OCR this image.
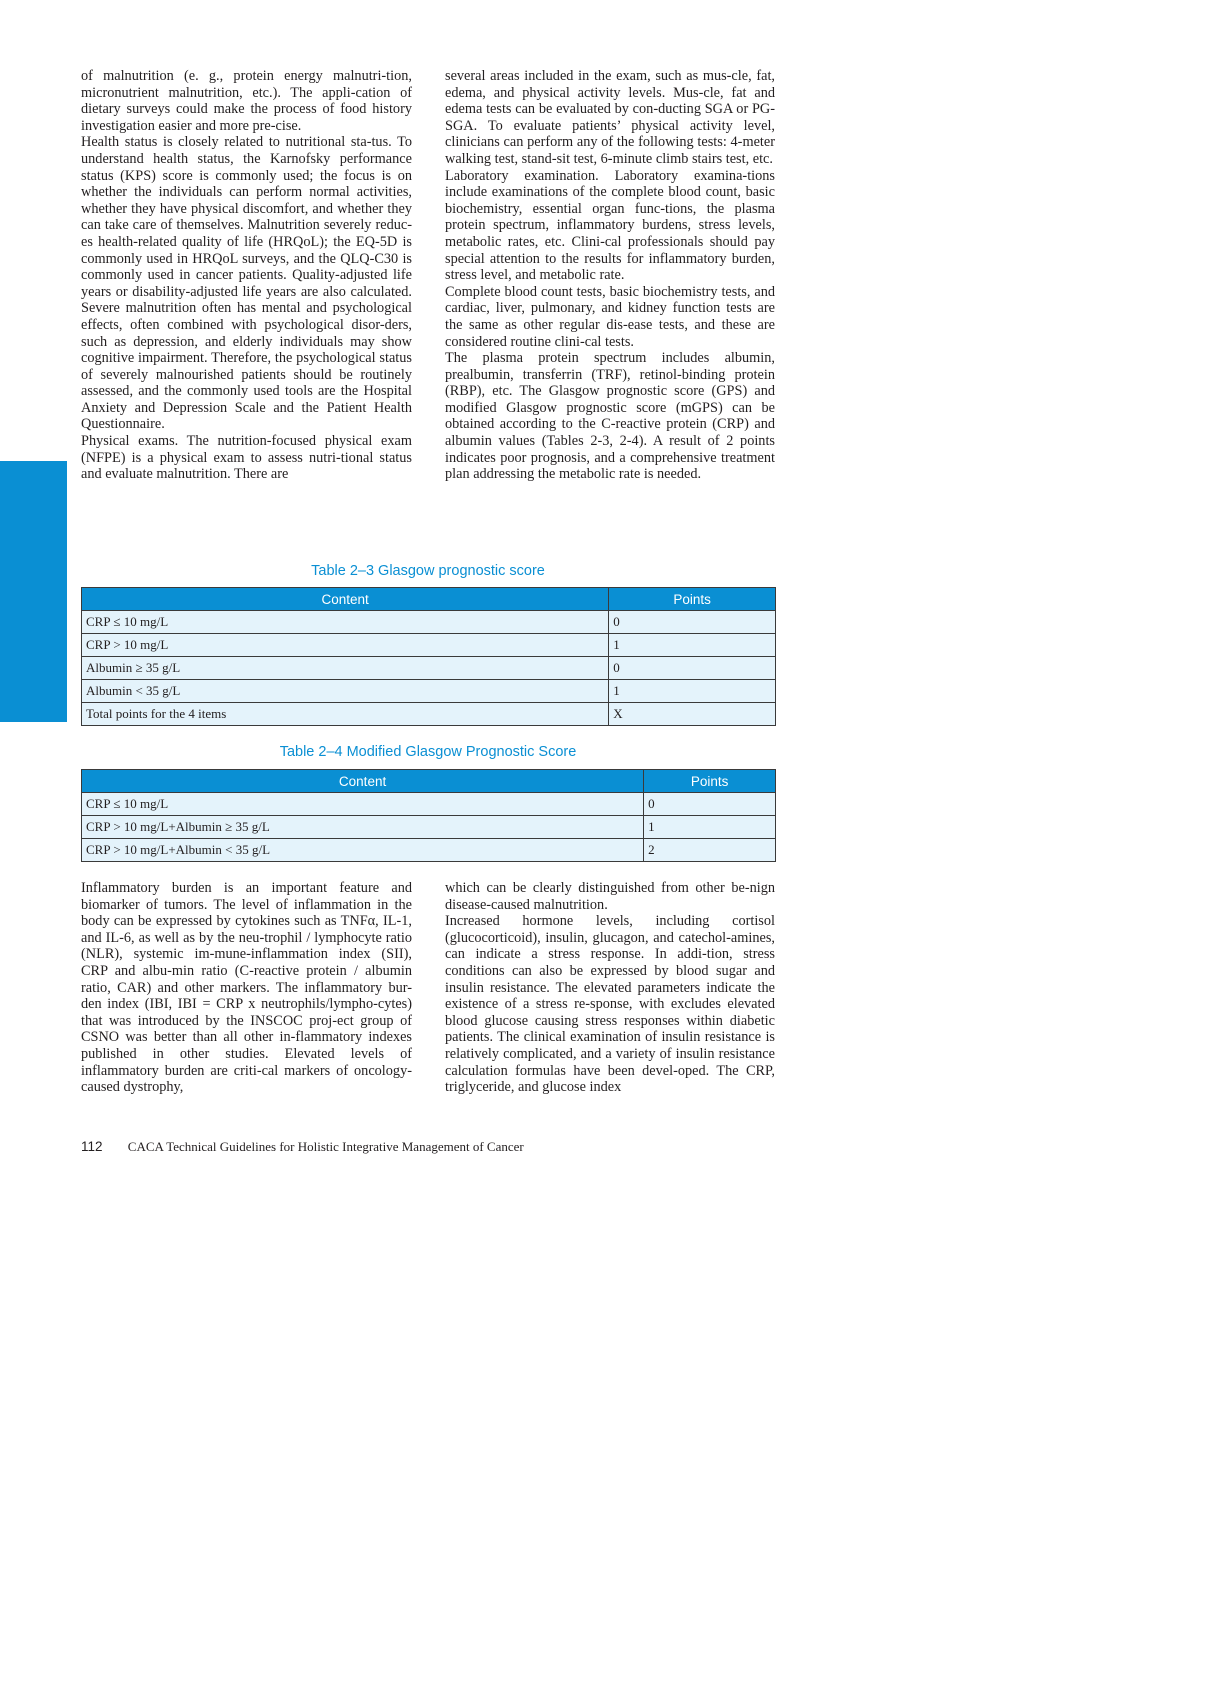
Cancer Nutrition Therapy	of malnutrition (e. g., protein energy malnutri-tion, micronutrient malnutrition, etc.). The appli-cation of dietary surveys could make the process of food history investigation easier and more pre-cise.

Health status is closely related to nutritional sta-tus. To understand health status, the Karnofsky performance status (KPS) score is commonly used; the focus is on whether the individuals can perform normal activities, whether they have physical discomfort, and whether they can take care of themselves. Malnutrition severely reduc-es health-related quality of life (HRQoL); the EQ-5D is commonly used in HRQoL surveys, and the QLQ-C30 is commonly used in cancer patients. Quality-adjusted life years or disability-adjusted life years are also calculated. Severe malnutrition often has mental and psychological effects, often combined with psychological disor-ders, such as depression, and elderly individuals may show cognitive impairment. Therefore, the psychological status of severely malnourished patients should be routinely assessed, and the commonly used tools are the Hospital Anxiety and Depression Scale and the Patient Health Questionnaire.

Physical exams. The nutrition-focused physical exam (NFPE) is a physical exam to assess nutri-tional status and evaluate malnutrition. There are

several areas included in the exam, such as mus-cle, fat, edema, and physical activity levels. Mus-cle, fat and edema tests can be evaluated by con-ducting SGA or PG-SGA. To evaluate patients’ physical activity level, clinicians can perform any of the following tests: 4-meter walking test, stand-sit test, 6-minute climb stairs test, etc.

Laboratory examination. Laboratory examina-tions include examinations of the complete blood count, basic biochemistry, essential organ func-tions, the plasma protein spectrum, inflammatory burdens, stress levels, metabolic rates, etc. Clini-cal professionals should pay special attention to the results for inflammatory burden, stress level, and metabolic rate.

Complete blood count tests, basic biochemistry tests, and cardiac, liver, pulmonary, and kidney function tests are the same as other regular dis-ease tests, and these are considered routine clini-cal tests.

The plasma protein spectrum includes albumin, prealbumin, transferrin (TRF), retinol-binding protein (RBP), etc. The Glasgow prognostic score (GPS) and modified Glasgow prognostic score (mGPS) can be obtained according to the C-reactive protein (CRP) and albumin values (Tables 2-3, 2-4). A result of 2 points indicates poor prognosis, and a comprehensive treatment plan addressing the metabolic rate is needed.

Table 2–3 Glasgow prognostic score
Content	Points
CRP ≤ 10 mg/L	0
CRP > 10 mg/L	1
Albumin ≥ 35 g/L	0
Albumin < 35 g/L	1
Total points for the 4 items	X
Table 2–4 Modified Glasgow Prognostic Score
Content	Points
CRP ≤ 10 mg/L	0
CRP > 10 mg/L+Albumin ≥ 35 g/L	1
CRP > 10 mg/L+Albumin < 35 g/L	2

Inflammatory burden is an important feature and biomarker of tumors. The level of inflammation in the body can be expressed by cytokines such as TNFα, IL-1, and IL-6, as well as by the neu-trophil / lymphocyte ratio (NLR), systemic im-mune-inflammation index (SII), CRP and albu-min ratio (C-reactive protein / albumin ratio, CAR) and other markers. The inflammatory bur-den index (IBI, IBI = CRP x neutrophils/lympho-cytes) that was introduced by the INSCOC proj-ect group of CSNO was better than all other in-flammatory indexes published in other studies. Elevated levels of inflammatory burden are criti-cal markers of oncology-caused dystrophy,

which can be clearly distinguished from other be-nign disease-caused malnutrition.

Increased hormone levels, including cortisol (glucocorticoid), insulin, glucagon, and catechol-amines, can indicate a stress response. In addi-tion, stress conditions can also be expressed by blood sugar and insulin resistance. The elevated parameters indicate the existence of a stress re-sponse, with excludes elevated blood glucose causing stress responses within diabetic patients. The clinical examination of insulin resistance is relatively complicated, and a variety of insulin resistance calculation formulas have been devel-oped. The CRP, triglyceride, and glucose index

112 CACA Technical Guidelines for Holistic Integrative Management of Cancer
